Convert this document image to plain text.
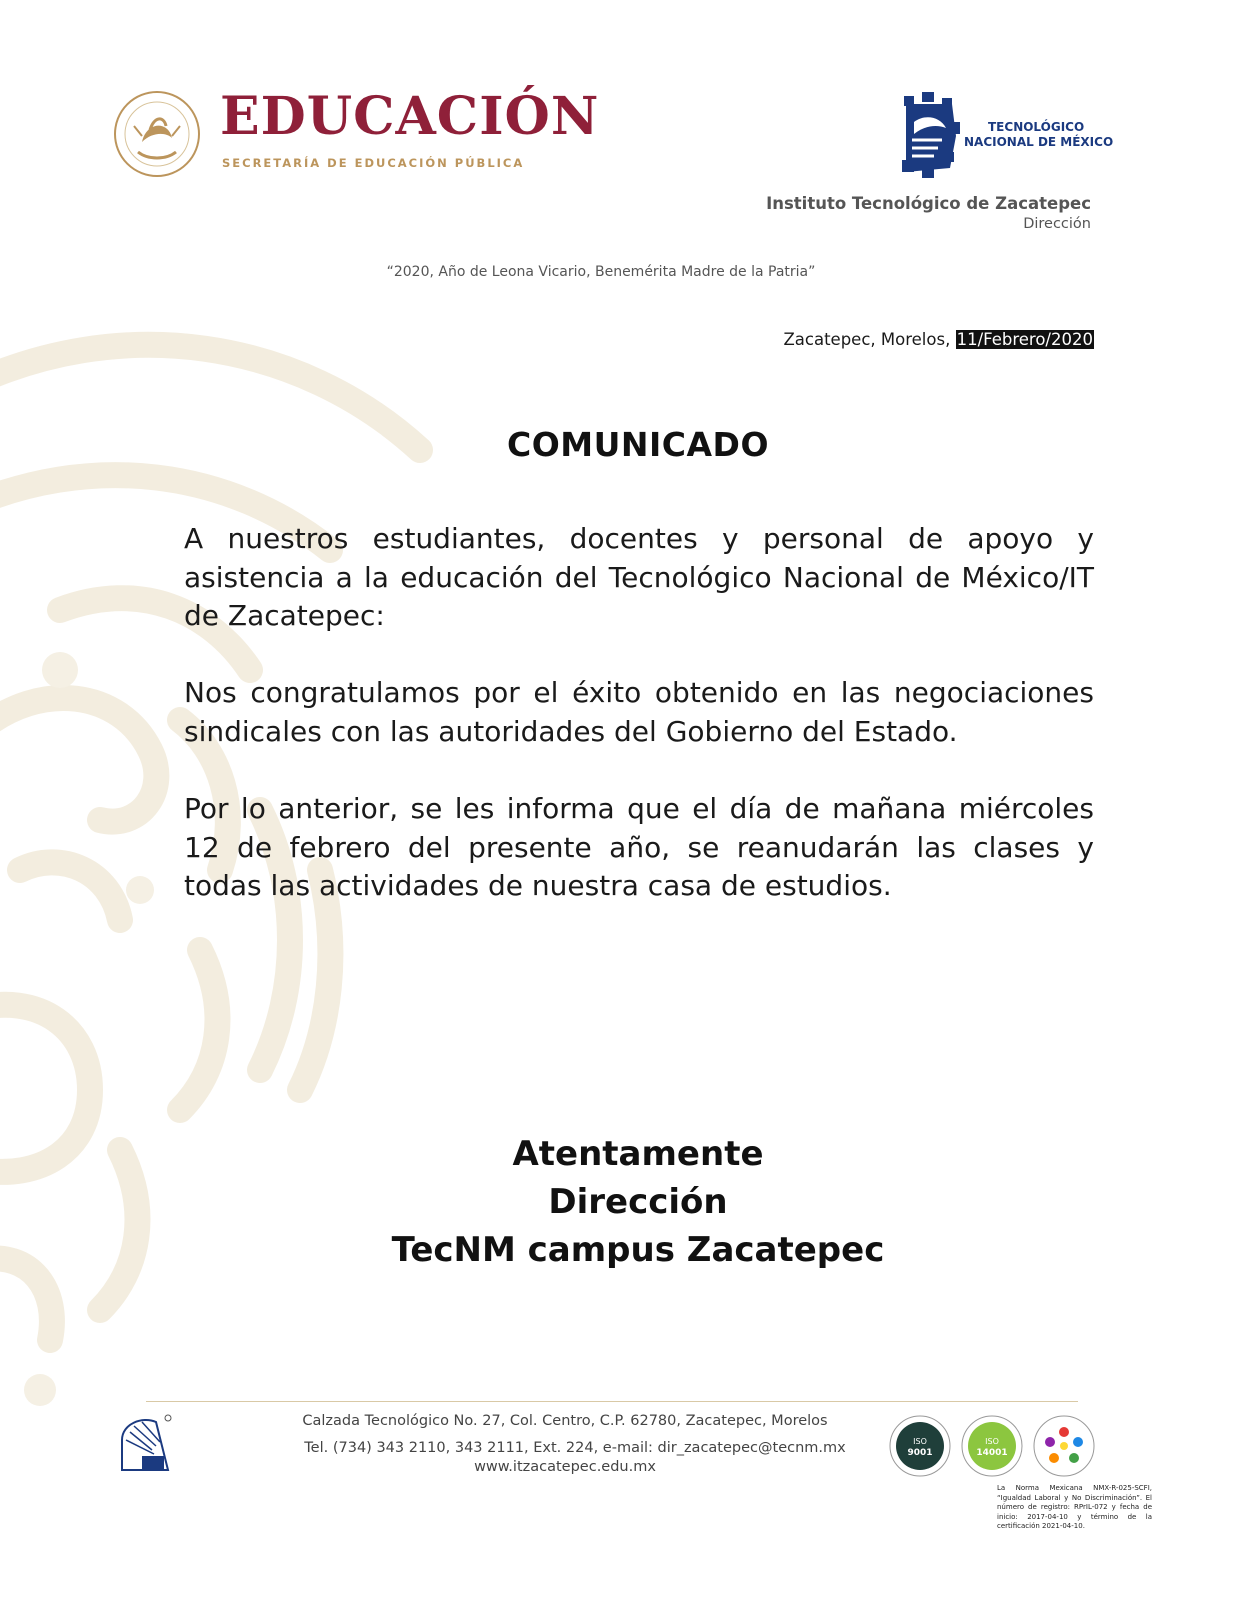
EDUCACIÓN
SECRETARÍA DE EDUCACIÓN PÚBLICA
TECNOLÓGICO
NACIONAL DE MÉXICO
Instituto Tecnológico de Zacatepec
Dirección
“2020, Año de Leona Vicario, Benemérita Madre de la Patria”
Zacatepec, Morelos, 11/Febrero/2020
COMUNICADO

A nuestros estudiantes, docentes y personal de apoyo y asistencia a la educación del Tecnológico Nacional de México/IT de Zacatepec:

Nos congratulamos por el éxito obtenido en las negociaciones sindicales con las autoridades del Gobierno del Estado.

Por lo anterior, se les informa que el día de mañana miércoles 12 de febrero del presente año, se reanudarán las clases y todas las actividades de nuestra casa de estudios.

Atentamente
Dirección
TecNM campus Zacatepec
Calzada Tecnológico No. 27, Col. Centro, C.P. 62780, Zacatepec, Morelos
Tel. (734) 343 2110, 343 2111, Ext. 224, e-mail: dir_zacatepec@tecnm.mx
www.itzacatepec.edu.mx
ISO
9001
ISO
14001
La Norma Mexicana NMX-R-025-SCFI, “Igualdad Laboral y No Discriminación”. El número de registro: RPrIL-072 y fecha de inicio: 2017-04-10 y término de la certificación 2021-04-10.
